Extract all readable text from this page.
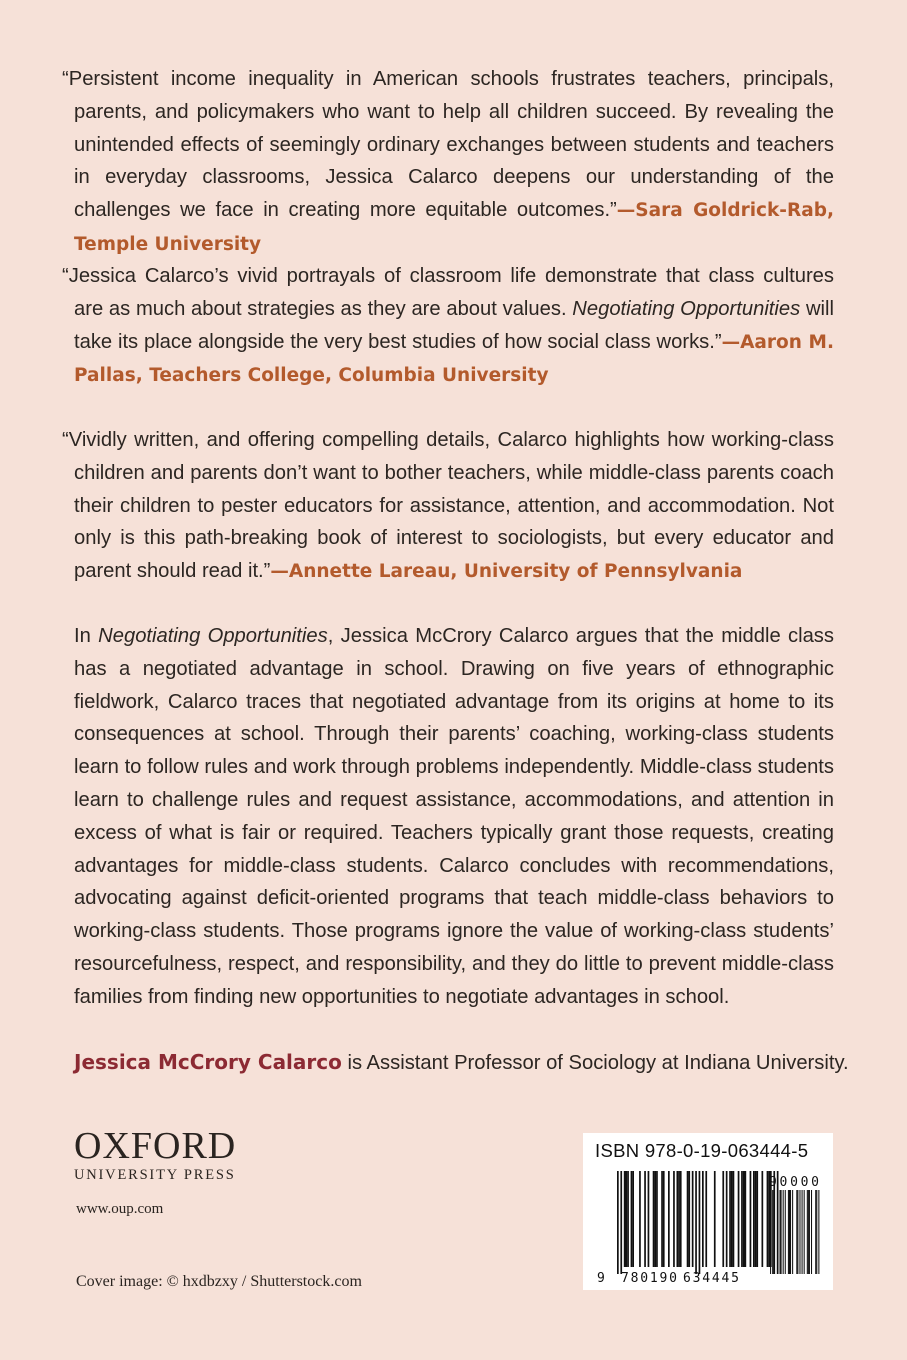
“Persistent income inequality in American schools frustrates teachers, principals, parents, and policymakers who want to help all children succeed. By revealing the unintended effects of seemingly ordinary exchanges between students and teachers in everyday classrooms, Jessica Calarco deepens our understanding of the challenges we face in creating more equitable outcomes.”—Sara Goldrick-Rab, Temple University

“Jessica Calarco’s vivid portrayals of classroom life demonstrate that class cultures are as much about strategies as they are about values. Negotiating Opportunities will take its place alongside the very best studies of how social class works.”—Aaron M. Pallas, Teachers College, Columbia University

“Vividly written, and offering compelling details, Calarco highlights how working-class children and parents don’t want to bother teachers, while middle-class parents coach their children to pester educators for assistance, attention, and accommodation. Not only is this path-breaking book of interest to sociologists, but every educator and parent should read it.”—Annette Lareau, University of Pennsylvania

In Negotiating Opportunities, Jessica McCrory Calarco argues that the middle class has a negotiated advantage in school. Drawing on five years of ethnographic fieldwork, Calarco traces that negotiated advantage from its origins at home to its consequences at school. Through their parents’ coaching, working-class students learn to follow rules and work through problems independently. Middle-class students learn to challenge rules and request assistance, accommodations, and attention in excess of what is fair or required. Teachers typically grant those requests, creating advantages for middle-class students. Calarco concludes with recommendations, advocating against deficit-oriented programs that teach middle-class behaviors to working-class students. Those programs ignore the value of working-class students’ resourcefulness, respect, and responsibility, and they do little to prevent middle-class families from finding new opportunities to negotiate advantages in school.

Jessica McCrory Calarco is Assistant Professor of Sociology at Indiana University.
OXFORD
UNIVERSITY PRESS
www.oup.com
Cover image: © hxdbzxy / Shutterstock.com
ISBN 978-0-19-063444-5
9 780190 634445
90000
